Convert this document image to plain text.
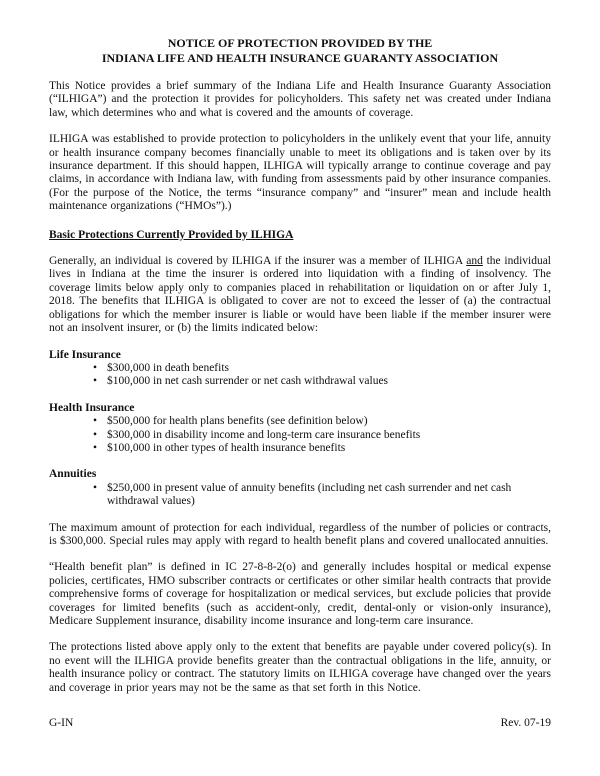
NOTICE OF PROTECTION PROVIDED BY THE
INDIANA LIFE AND HEALTH INSURANCE GUARANTY ASSOCIATION

This Notice provides a brief summary of the Indiana Life and Health Insurance Guaranty Association (“ILHIGA”) and the protection it provides for policyholders. This safety net was created under Indiana law, which determines who and what is covered and the amounts of coverage.

ILHIGA was established to provide protection to policyholders in the unlikely event that your life, annuity or health insurance company becomes financially unable to meet its obligations and is taken over by its insurance department. If this should happen, ILHIGA will typically arrange to continue coverage and pay claims, in accordance with Indiana law, with funding from assessments paid by other insurance companies. (For the purpose of the Notice, the terms “insurance company” and “insurer” mean and include health maintenance organizations (“HMOs”).)

Basic Protections Currently Provided by ILHIGA

Generally, an individual is covered by ILHIGA if the insurer was a member of ILHIGA and the individual lives in Indiana at the time the insurer is ordered into liquidation with a finding of insolvency. The coverage limits below apply only to companies placed in rehabilitation or liquidation on or after July 1, 2018. The benefits that ILHIGA is obligated to cover are not to exceed the lesser of (a) the contractual obligations for which the member insurer is liable or would have been liable if the member insurer were not an insolvent insurer, or (b) the limits indicated below:

Life Insurance
• $300,000 in death benefits
• $100,000 in net cash surrender or net cash withdrawal values
Health Insurance
• $500,000 for health plans benefits (see definition below)
• $300,000 in disability income and long-term care insurance benefits
• $100,000 in other types of health insurance benefits
Annuities
• $250,000 in present value of annuity benefits (including net cash surrender and net cash withdrawal values)

The maximum amount of protection for each individual, regardless of the number of policies or contracts, is $300,000. Special rules may apply with regard to health benefit plans and covered unallocated annuities.

“Health benefit plan” is defined in IC 27-8-8-2(o) and generally includes hospital or medical expense policies, certificates, HMO subscriber contracts or certificates or other similar health contracts that provide comprehensive forms of coverage for hospitalization or medical services, but exclude policies that provide coverages for limited benefits (such as accident-only, credit, dental-only or vision-only insurance), Medicare Supplement insurance, disability income insurance and long-term care insurance.

The protections listed above apply only to the extent that benefits are payable under covered policy(s). In no event will the ILHIGA provide benefits greater than the contractual obligations in the life, annuity, or health insurance policy or contract. The statutory limits on ILHIGA coverage have changed over the years and coverage in prior years may not be the same as that set forth in this Notice.

G-IN	Rev. 07-19
